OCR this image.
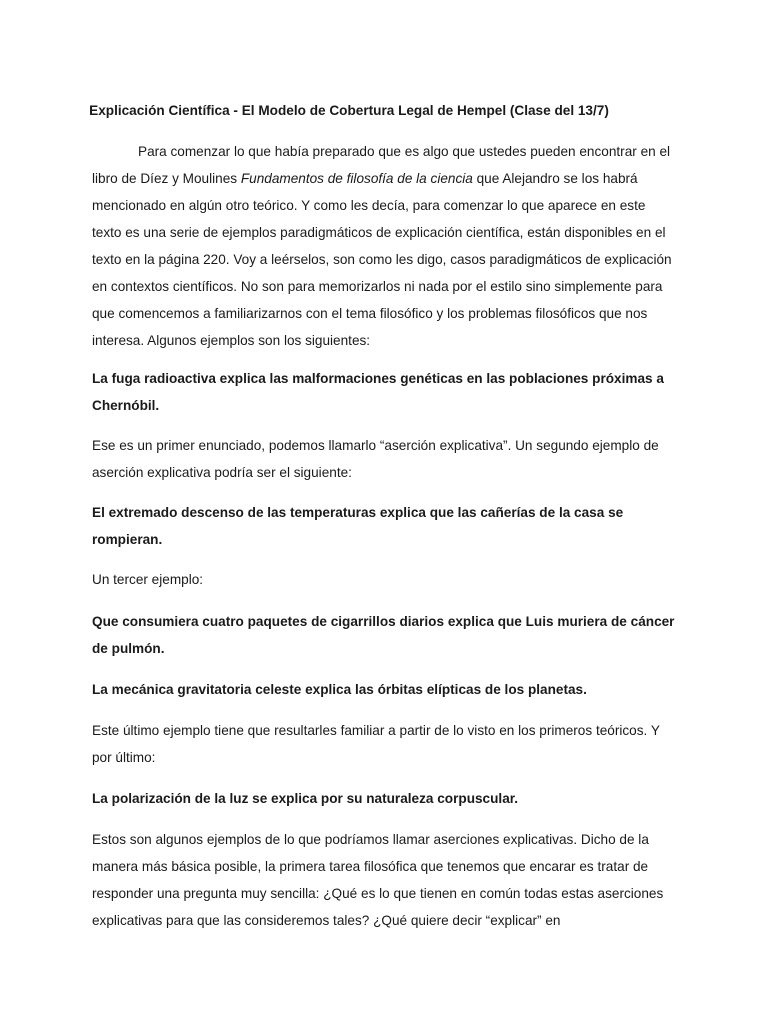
Explicación Científica - El Modelo de Cobertura Legal de Hempel (Clase del 13/7)
Para comenzar lo que había preparado que es algo que ustedes pueden encontrar en el libro de Díez y Moulines Fundamentos de filosofía de la ciencia que Alejandro se los habrá mencionado en algún otro teórico. Y como les decía, para comenzar lo que aparece en este texto es una serie de ejemplos paradigmáticos de explicación científica, están disponibles en el texto en la página 220. Voy a leérselos, son como les digo, casos paradigmáticos de explicación en contextos científicos. No son para memorizarlos ni nada por el estilo sino simplemente para que comencemos a familiarizarnos con el tema filosófico y los problemas filosóficos que nos interesa. Algunos ejemplos son los siguientes:
La fuga radioactiva explica las malformaciones genéticas en las poblaciones próximas a Chernóbil.
Ese es un primer enunciado, podemos llamarlo “aserción explicativa”. Un segundo ejemplo de aserción explicativa podría ser el siguiente:
El extremado descenso de las temperaturas explica que las cañerías de la casa se rompieran.
Un tercer ejemplo:
Que consumiera cuatro paquetes de cigarrillos diarios explica que Luis muriera de cáncer de pulmón.
La mecánica gravitatoria celeste explica las órbitas elípticas de los planetas.
Este último ejemplo tiene que resultarles familiar a partir de lo visto en los primeros teóricos. Y por último:
La polarización de la luz se explica por su naturaleza corpuscular.
Estos son algunos ejemplos de lo que podríamos llamar aserciones explicativas. Dicho de la manera más básica posible, la primera tarea filosófica que tenemos que encarar es tratar de responder una pregunta muy sencilla: ¿Qué es lo que tienen en común todas estas aserciones explicativas para que las consideremos tales? ¿Qué quiere decir “explicar” en
